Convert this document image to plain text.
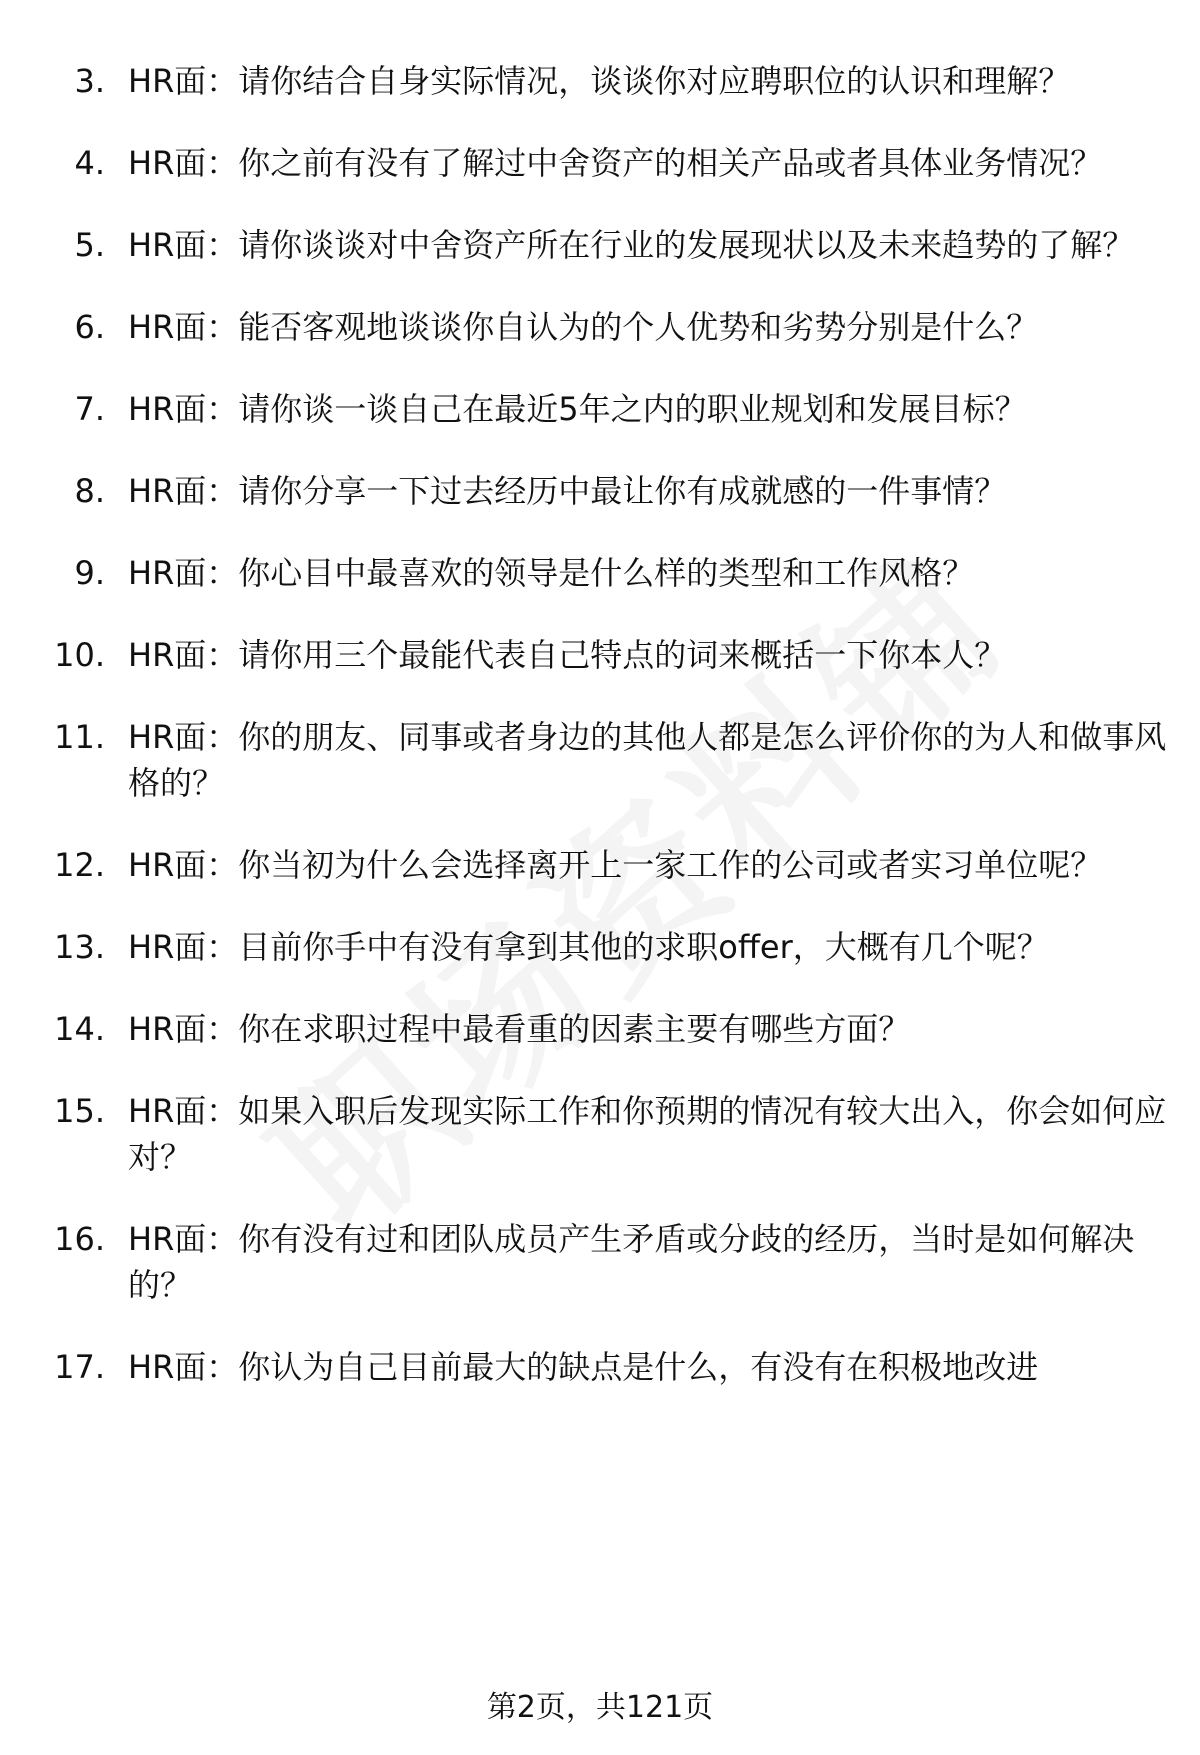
3. HR面：请你结合自身实际情况，谈谈你对应聘职位的认识和理解？
4. HR面：你之前有没有了解过中舍资产的相关产品或者具体业务情况？
5. HR面：请你谈谈对中舍资产所在行业的发展现状以及未来趋势的了解？
6. HR面：能否客观地谈谈你自认为的个人优势和劣势分别是什么？
7. HR面：请你谈一谈自己在最近5年之内的职业规划和发展目标？
8. HR面：请你分享一下过去经历中最让你有成就感的一件事情？
9. HR面：你心目中最喜欢的领导是什么样的类型和工作风格？
10. HR面：请你用三个最能代表自己特点的词来概括一下你本人？
11. HR面：你的朋友、同事或者身边的其他人都是怎么评价你的为人和做事风格的？
12. HR面：你当初为什么会选择离开上一家工作的公司或者实习单位呢？
13. HR面：目前你手中有没有拿到其他的求职offer，大概有几个呢？
14. HR面：你在求职过程中最看重的因素主要有哪些方面？
15. HR面：如果入职后发现实际工作和你预期的情况有较大出入，你会如何应对？
16. HR面：你有没有过和团队成员产生矛盾或分歧的经历，当时是如何解决的？
17. HR面：你认为自己目前最大的缺点是什么，有没有在积极地改进
第2页，共121页
